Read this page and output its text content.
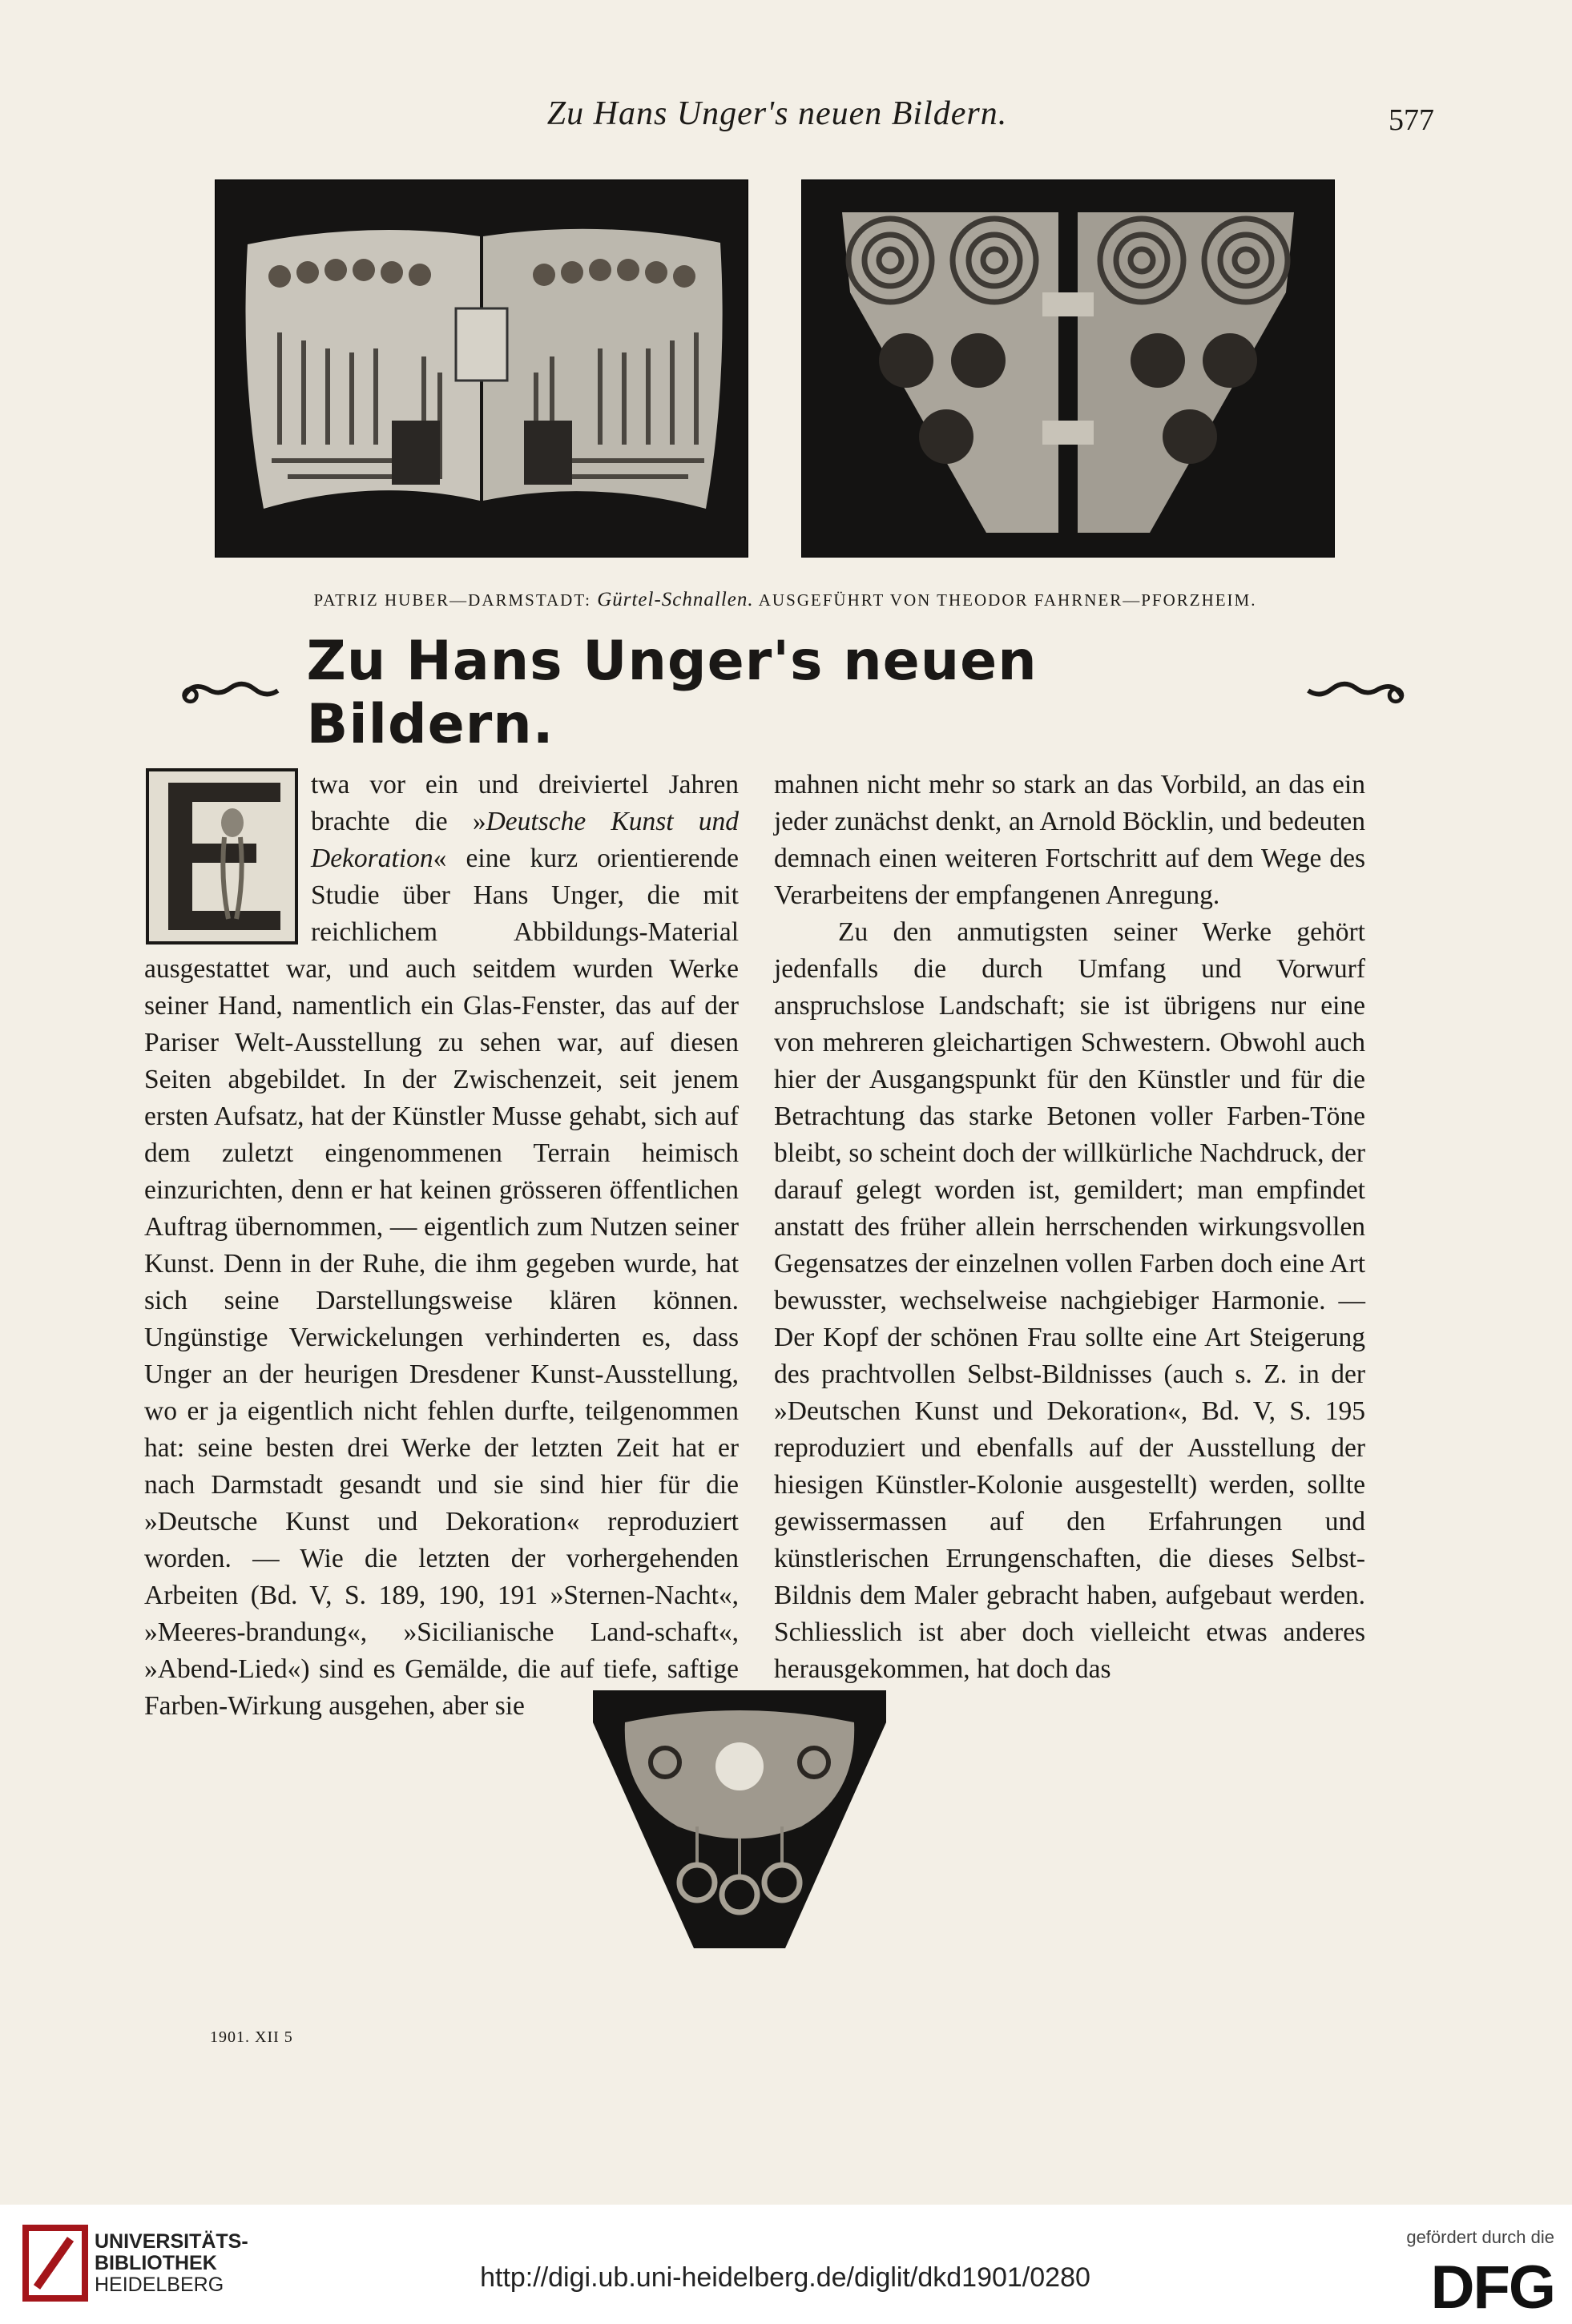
Zu Hans Unger's neuen Bildern.	577
PATRIZ HUBER—DARMSTADT: Gürtel-Schnallen. AUSGEFÜHRT VON THEODOR FAHRNER—PFORZHEIM.
Zu Hans Unger's neuen Bildern.

twa vor ein und dreiviertel Jahren brachte die »Deutsche Kunst und Dekoration« eine kurz orientierende Studie über Hans Unger, die mit reichlichem Abbildungs-Material ausgestattet war, und auch seitdem wurden Werke seiner Hand, namentlich ein Glas-Fenster, das auf der Pariser Welt-Ausstellung zu sehen war, auf diesen Seiten abgebildet. In der Zwischenzeit, seit jenem ersten Aufsatz, hat der Künstler Musse gehabt, sich auf dem zuletzt eingenommenen Terrain heimisch einzurichten, denn er hat keinen grösseren öffentlichen Auftrag übernommen, — eigentlich zum Nutzen seiner Kunst. Denn in der Ruhe, die ihm gegeben wurde, hat sich seine Darstellungsweise klären können. Ungünstige Verwickelungen verhinderten es, dass Unger an der heurigen Dresdener Kunst-Ausstellung, wo er ja eigentlich nicht fehlen durfte, teilgenommen hat: seine besten drei Werke der letzten Zeit hat er nach Darmstadt gesandt und sie sind hier für die »Deutsche Kunst und Dekoration« reproduziert worden. — Wie die letzten der vorhergehenden Arbeiten (Bd. V, S. 189, 190, 191 »Sternen-Nacht«, »Meeres-brandung«, »Sicilianische Land-schaft«, »Abend-Lied«) sind es Gemälde, die auf tiefe, saftige Farben-Wirkung ausgehen, aber sie

mahnen nicht mehr so stark an das Vorbild, an das ein jeder zunächst denkt, an Arnold Böcklin, und bedeuten demnach einen weiteren Fortschritt auf dem Wege des Verarbeitens der empfangenen Anregung.

Zu den anmutigsten seiner Werke gehört jedenfalls die durch Umfang und Vorwurf anspruchslose Landschaft; sie ist übrigens nur eine von mehreren gleichartigen Schwestern. Obwohl auch hier der Ausgangspunkt für den Künstler und für die Betrachtung das starke Betonen voller Farben-Töne bleibt, so scheint doch der willkürliche Nachdruck, der darauf gelegt worden ist, gemildert; man empfindet anstatt des früher allein herrschenden wirkungsvollen Gegensatzes der einzelnen vollen Farben doch eine Art bewusster, wechselweise nachgiebiger Harmonie. — Der Kopf der schönen Frau sollte eine Art Steigerung des prachtvollen Selbst-Bildnisses (auch s. Z. in der »Deutschen Kunst und Dekoration«, Bd. V, S. 195 reproduziert und ebenfalls auf der Ausstellung der hiesigen Künstler-Kolonie ausgestellt) werden, sollte gewissermassen auf den Erfahrungen und künstlerischen Errungenschaften, die dieses Selbst-Bildnis dem Maler gebracht haben, aufgebaut werden. Schliesslich ist aber doch vielleicht etwas anderes herausgekommen, hat doch das

1901. XII 5
UNIVERSITÄTS-
BIBLIOTHEK
HEIDELBERG	http://digi.ub.uni-heidelberg.de/diglit/dkd1901/0280
gefördert durch die
DFG
